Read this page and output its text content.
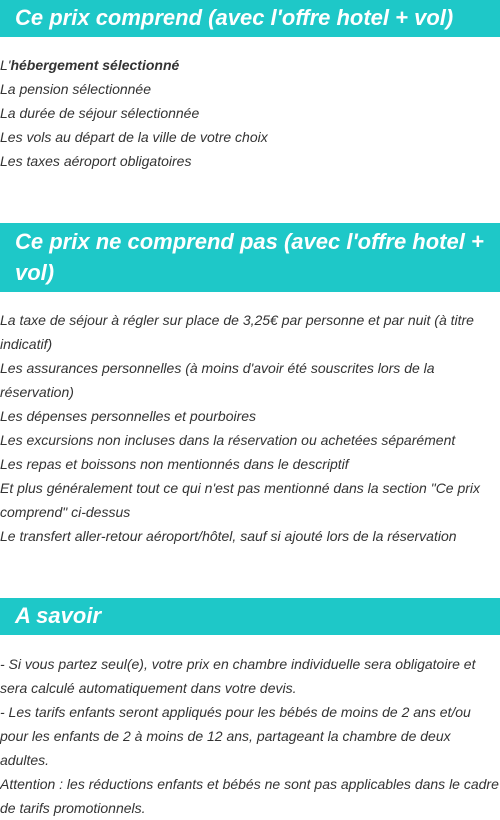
Ce prix comprend (avec l'offre hotel + vol)
L'hébergement sélectionné
La pension sélectionnée
La durée de séjour sélectionnée
Les vols au départ de la ville de votre choix
Les taxes aéroport obligatoires
Ce prix ne comprend pas (avec l'offre hotel + vol)
La taxe de séjour à régler sur place de 3,25€ par personne et par nuit (à titre indicatif)
Les assurances personnelles (à moins d'avoir été souscrites lors de la réservation)
Les dépenses personnelles et pourboires
Les excursions non incluses dans la réservation ou achetées séparément
Les repas et boissons non mentionnés dans le descriptif
Et plus généralement tout ce qui n'est pas mentionné dans la section "Ce prix comprend" ci-dessus
Le transfert aller-retour aéroport/hôtel, sauf si ajouté lors de la réservation
A savoir

- Si vous partez seul(e), votre prix en chambre individuelle sera obligatoire et sera calculé automatiquement dans votre devis.

- Les tarifs enfants seront appliqués pour les bébés de moins de 2 ans et/ou pour les enfants de 2 à moins de 12 ans, partageant la chambre de deux adultes.

Attention : les réductions enfants et bébés ne sont pas applicables dans le cadre de tarifs promotionnels.
